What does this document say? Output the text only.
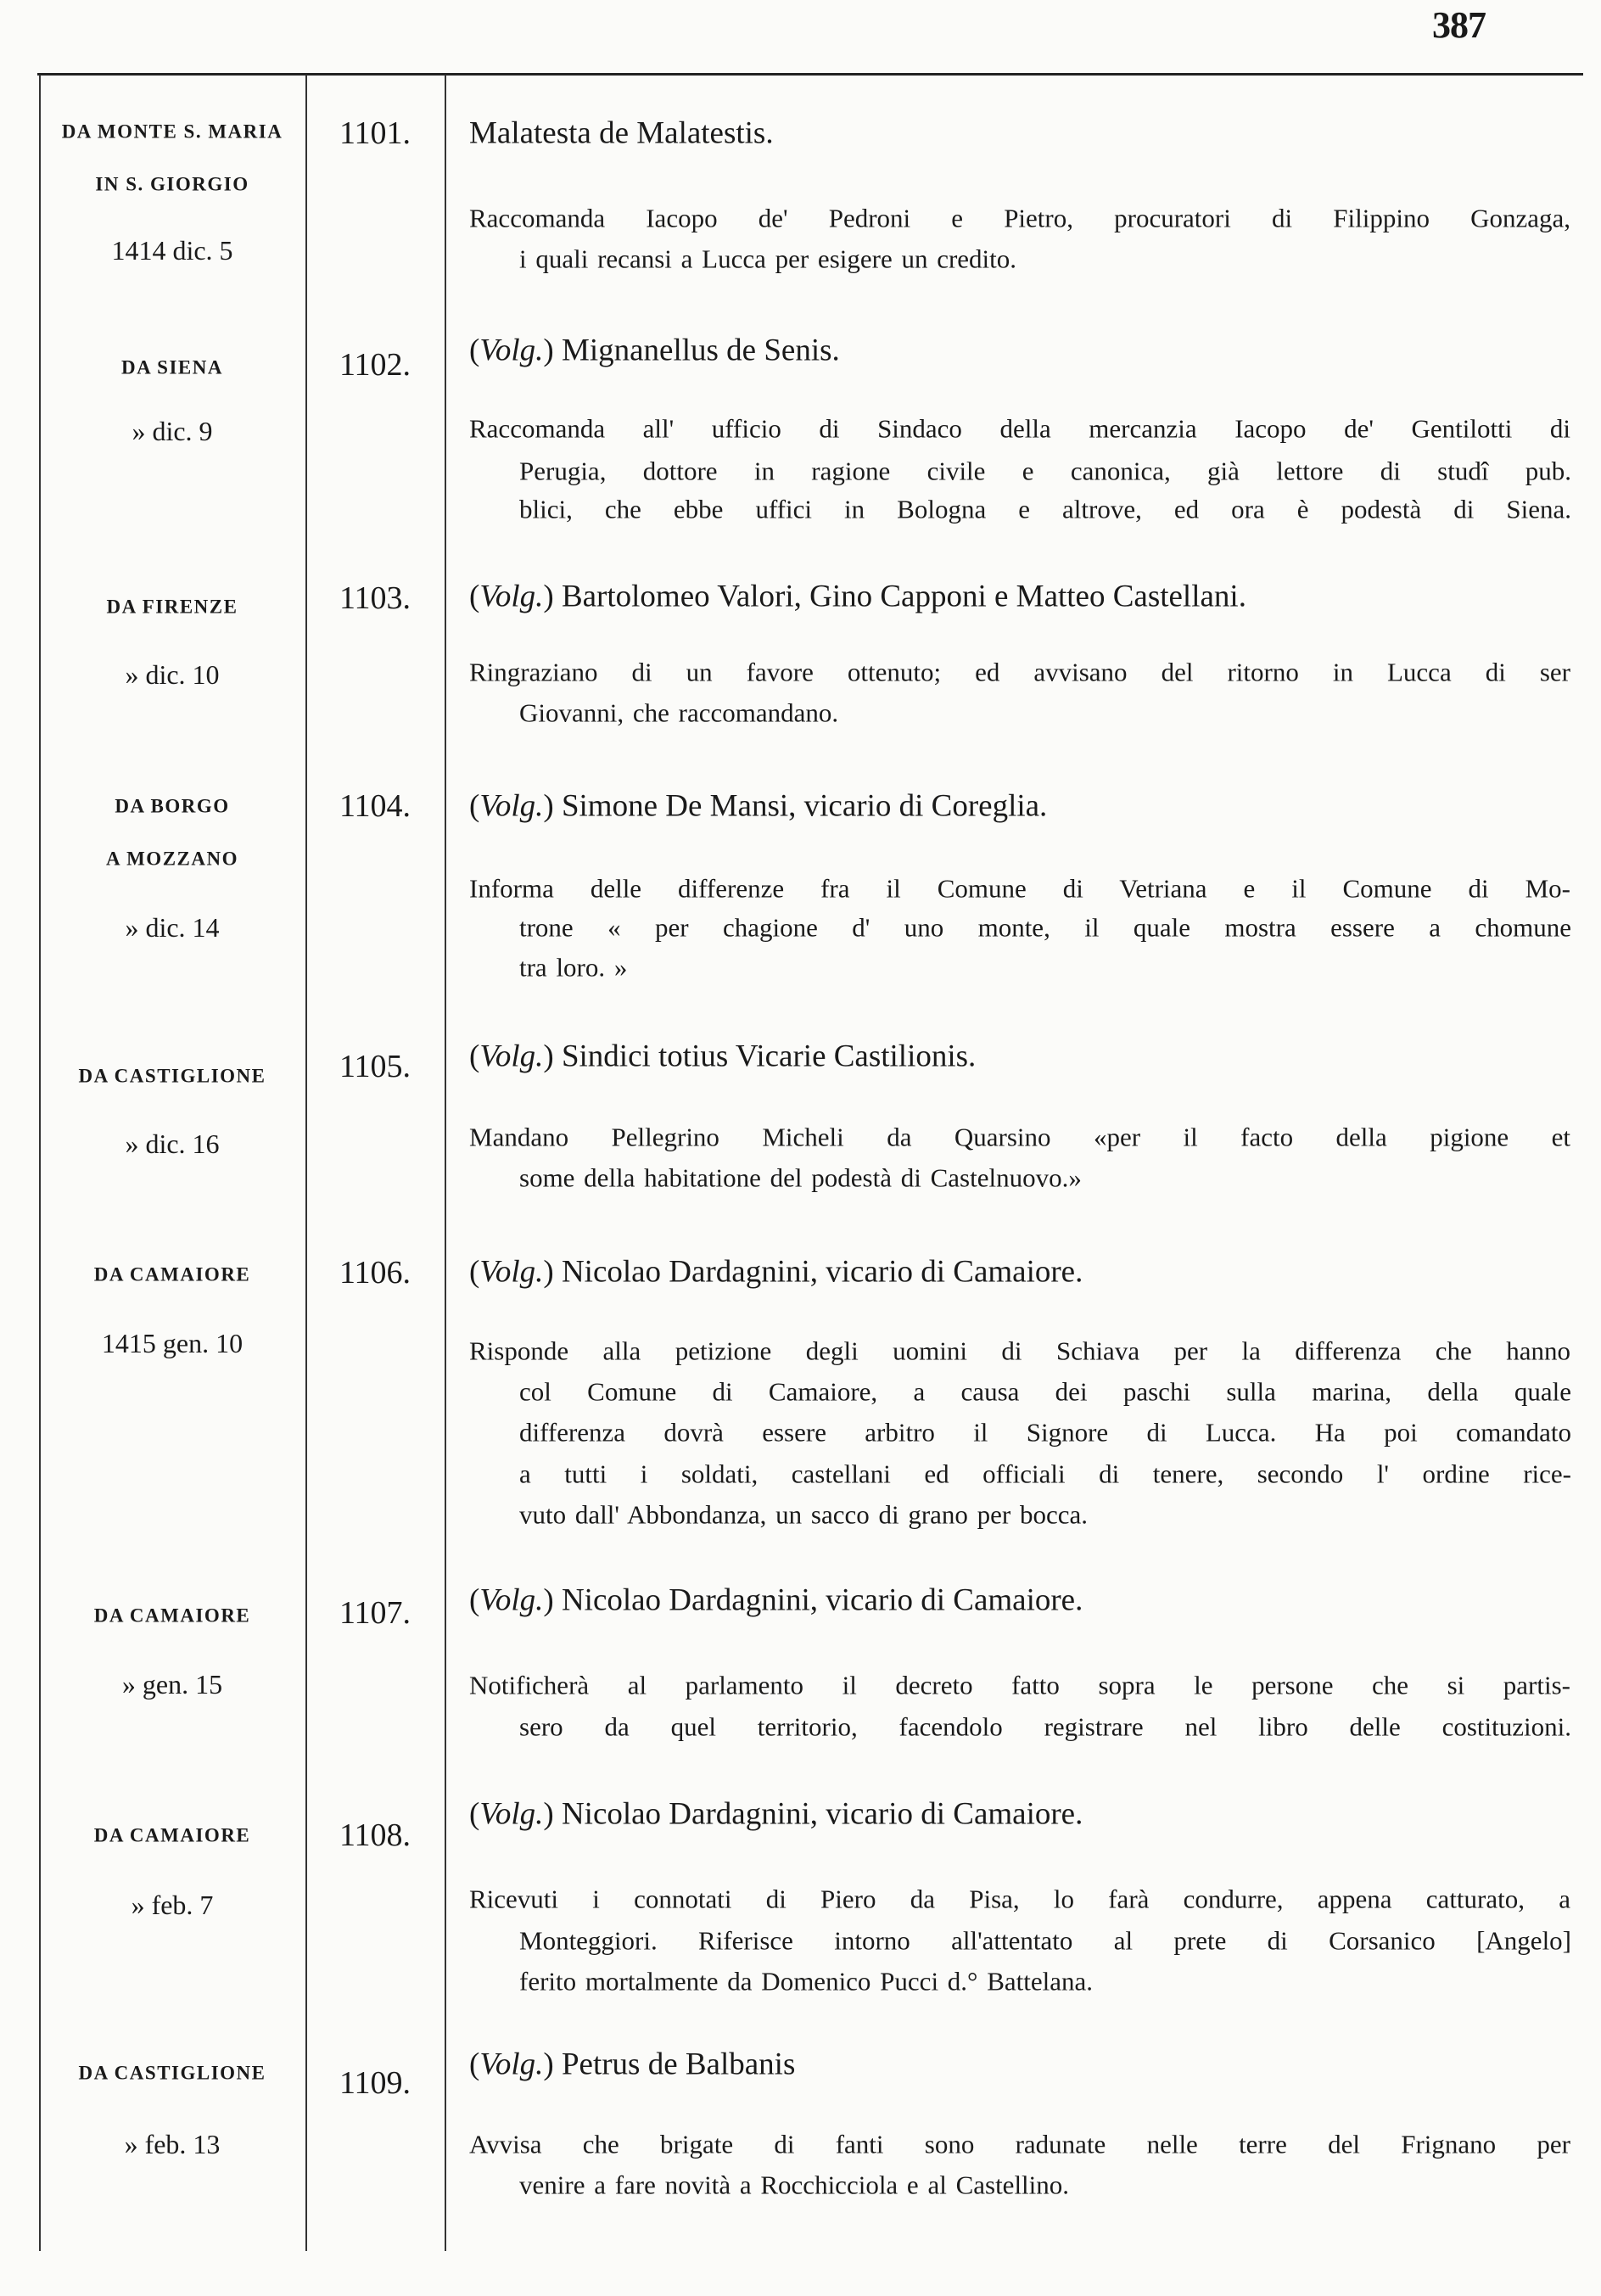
387
DA MONTE S. MARIA
IN S. GIORGIO
1414 dic. 5
1101.	Malatesta de Malatestis.
Raccomanda Iacopo de' Pedroni e Pietro, procuratori di Filippino Gonzaga,
i quali recansi a Lucca per esigere un credito.
DA SIENA
» dic. 9
1102.	(Volg.) Mignanellus de Senis.
Raccomanda all' ufficio di Sindaco della mercanzia Iacopo de' Gentilotti di
Perugia, dottore in ragione civile e canonica, già lettore di studî pub.
blici, che ebbe uffici in Bologna e altrove, ed ora è podestà di Siena.
DA FIRENZE
» dic. 10
1103.	(Volg.) Bartolomeo Valori, Gino Capponi e Matteo Castellani.
Ringraziano di un favore ottenuto; ed avvisano del ritorno in Lucca di ser
Giovanni, che raccomandano.
DA BORGO
A MOZZANO
» dic. 14
1104.	(Volg.) Simone De Mansi, vicario di Coreglia.
Informa delle differenze fra il Comune di Vetriana e il Comune di Mo-
trone « per chagione d' uno monte, il quale mostra essere a chomune
tra loro. »
DA CASTIGLIONE
» dic. 16
1105.	(Volg.) Sindici totius Vicarie Castilionis.
Mandano Pellegrino Micheli da Quarsino «per il facto della pigione et
some della habitatione del podestà di Castelnuovo.»
DA CAMAIORE
1415 gen. 10
1106.	(Volg.) Nicolao Dardagnini, vicario di Camaiore.
Risponde alla petizione degli uomini di Schiava per la differenza che hanno
col Comune di Camaiore, a causa dei paschi sulla marina, della quale
differenza dovrà essere arbitro il Signore di Lucca. Ha poi comandato
a tutti i soldati, castellani ed officiali di tenere, secondo l' ordine rice-
vuto dall' Abbondanza, un sacco di grano per bocca.
DA CAMAIORE
» gen. 15
1107.	(Volg.) Nicolao Dardagnini, vicario di Camaiore.
Notificherà al parlamento il decreto fatto sopra le persone che si partis-
sero da quel territorio, facendolo registrare nel libro delle costituzioni.
DA CAMAIORE
» feb. 7
1108.
(Volg.) Nicolao Dardagnini, vicario di Camaiore.
Ricevuti i connotati di Piero da Pisa, lo farà condurre, appena catturato, a
Monteggiori. Riferisce intorno all'attentato al prete di Corsanico [Angelo]
ferito mortalmente da Domenico Pucci d.° Battelana.
DA CASTIGLIONE
» feb. 13
1109.
(Volg.) Petrus de Balbanis
Avvisa che brigate di fanti sono radunate nelle terre del Frignano per
venire a fare novità a Rocchicciola e al Castellino.
